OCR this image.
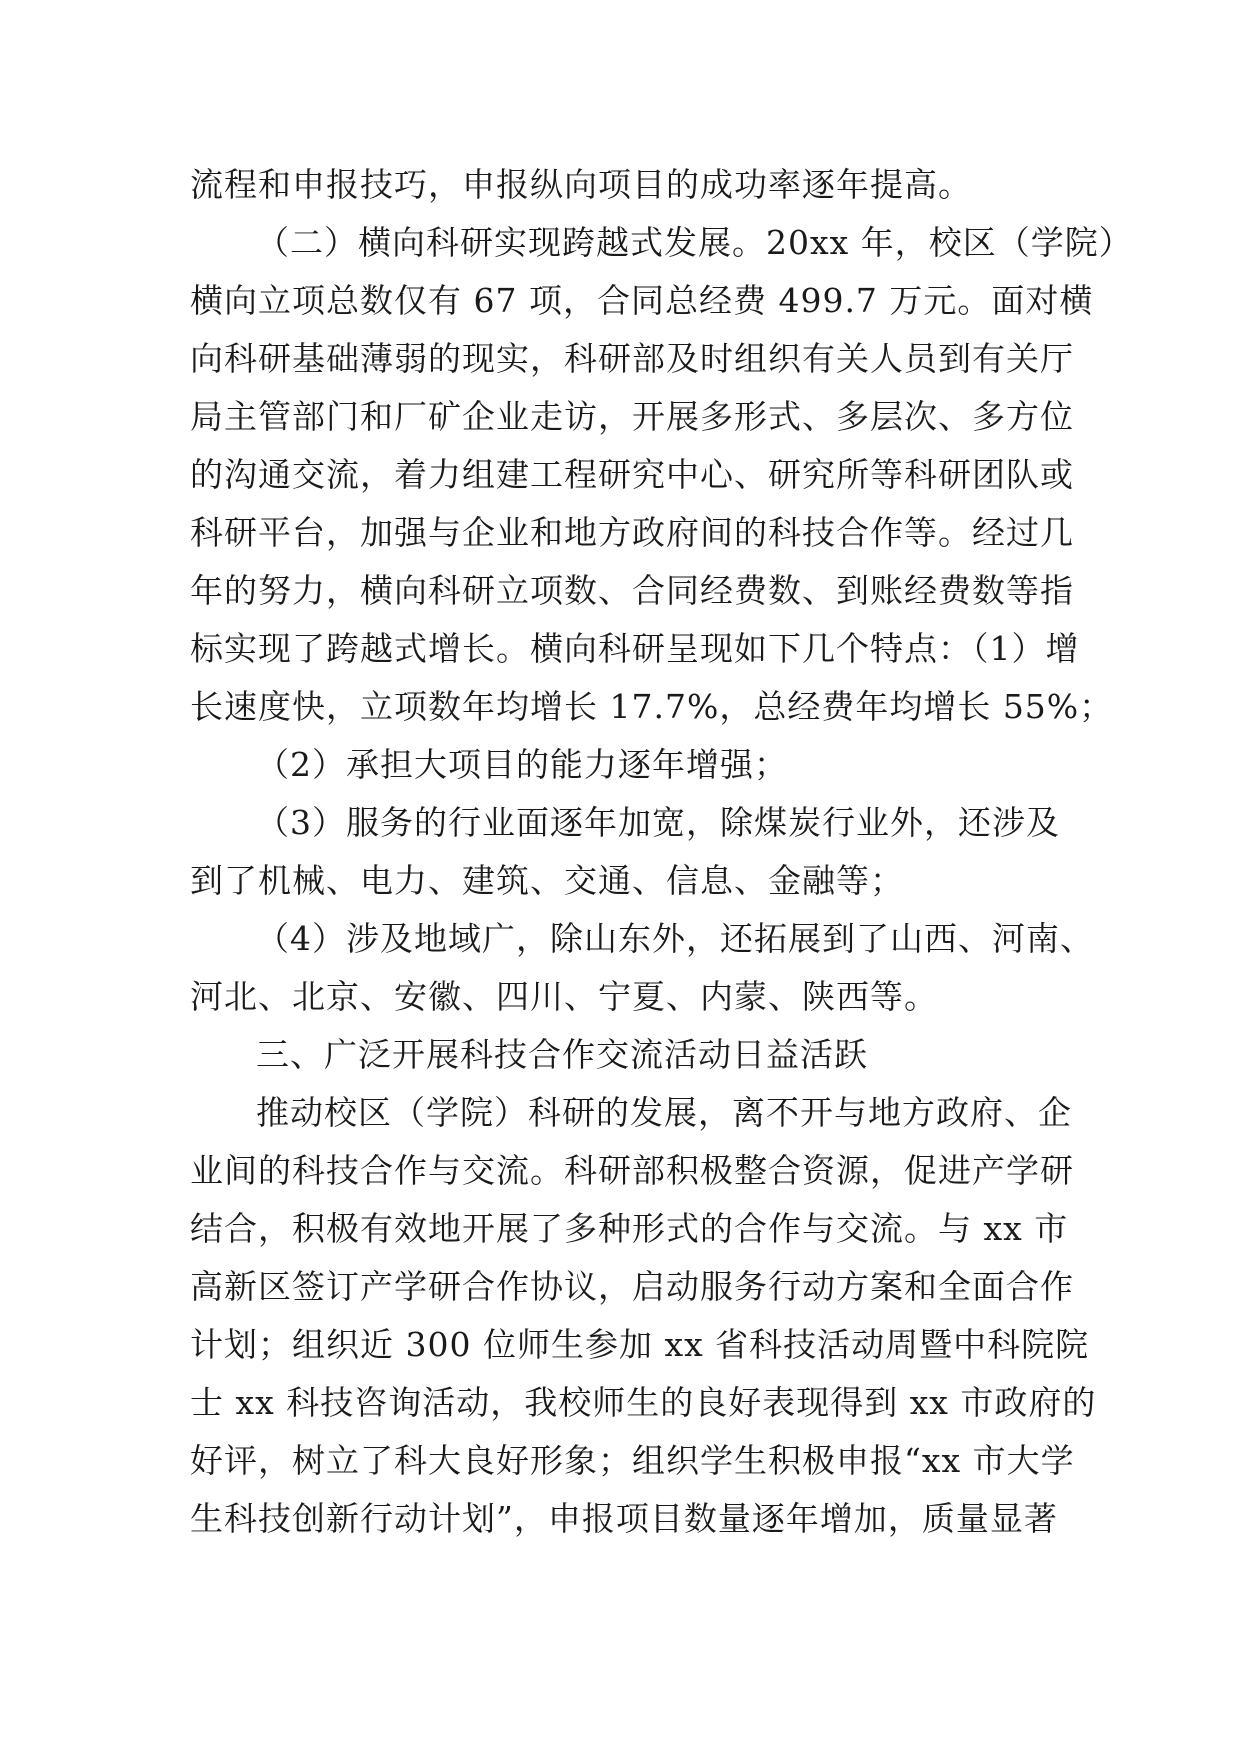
流程和申报技巧，申报纵向项目的成功率逐年提高。
（二）横向科研实现跨越式发展。20xx 年，校区（学院）
横向立项总数仅有 67 项，合同总经费 499.7 万元。面对横
向科研基础薄弱的现实，科研部及时组织有关人员到有关厅
局主管部门和厂矿企业走访，开展多形式、多层次、多方位
的沟通交流，着力组建工程研究中心、研究所等科研团队或
科研平台，加强与企业和地方政府间的科技合作等。经过几
年的努力，横向科研立项数、合同经费数、到账经费数等指
标实现了跨越式增长。横向科研呈现如下几个特点：（1）增
长速度快，立项数年均增长 17.7%，总经费年均增长 55%；
（2）承担大项目的能力逐年增强；
（3）服务的行业面逐年加宽，除煤炭行业外，还涉及
到了机械、电力、建筑、交通、信息、金融等；
（4）涉及地域广，除山东外，还拓展到了山西、河南、
河北、北京、安徽、四川、宁夏、内蒙、陕西等。
三、广泛开展科技合作交流活动日益活跃
推动校区（学院）科研的发展，离不开与地方政府、企
业间的科技合作与交流。科研部积极整合资源，促进产学研
结合，积极有效地开展了多种形式的合作与交流。与 xx 市
高新区签订产学研合作协议，启动服务行动方案和全面合作
计划；组织近 300 位师生参加 xx 省科技活动周暨中科院院
士 xx 科技咨询活动，我校师生的良好表现得到 xx 市政府的
好评，树立了科大良好形象；组织学生积极申报“xx 市大学
生科技创新行动计划”，申报项目数量逐年增加，质量显著
